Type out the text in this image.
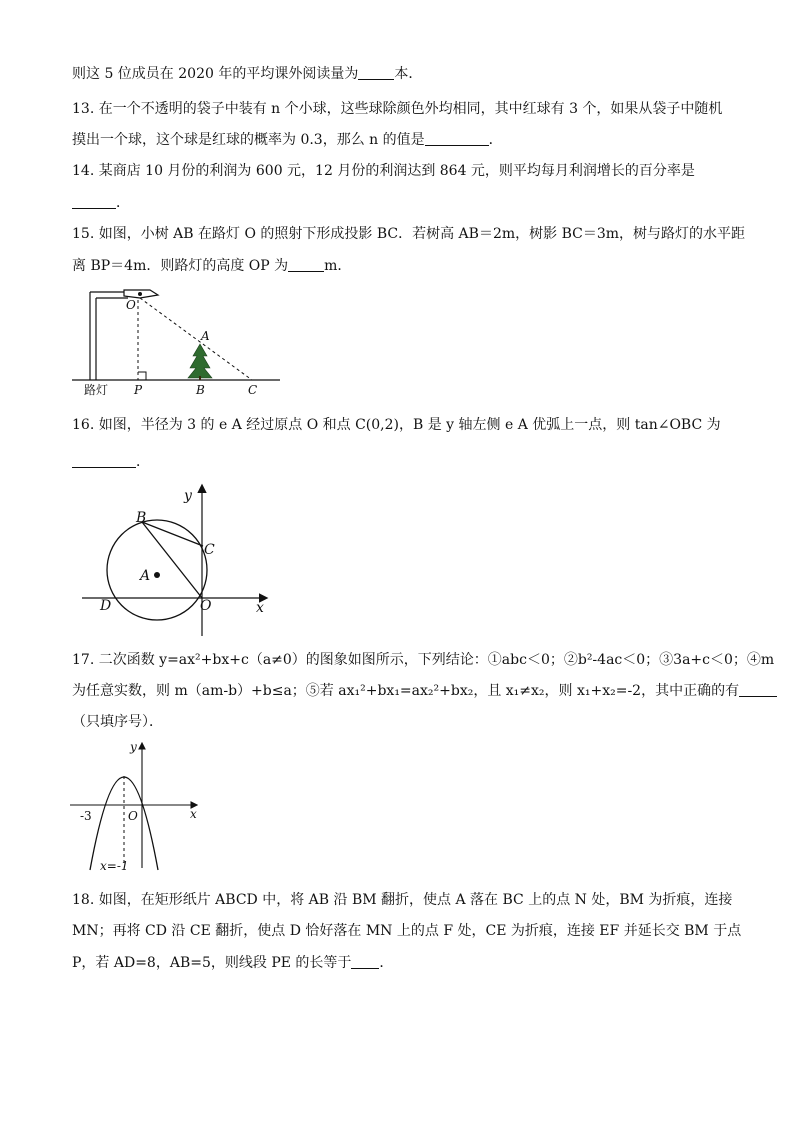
则这 5 位成员在 2020 年的平均课外阅读量为	本．
13. 在一个不透明的袋子中装有 n 个小球，这些球除颜色外均相同，其中红球有 3 个，如果从袋子中随机
摸出一个球，这个球是红球的概率为 0.3，那么 n 的值是	．
14. 某商店 10 月份的利润为 600 元，12 月份的利润达到 864 元，则平均每月利润增长的百分率是
．
15. 如图，小树 AB 在路灯 O 的照射下形成投影 BC．若树高 AB＝2m，树影 BC＝3m，树与路灯的水平距
离 BP＝4m．则路灯的高度 OP 为	m．
O
A
路灯 P	B	C
16. 如图，半径为 3 的 e A 经过原点 O 和点 C(0,2)，B 是 y 轴左侧 e A 优弧上一点，则 tan∠OBC 为
．
y
x
B
C
A
D	O
17. 二次函数 y=ax²+bx+c（a≠0）的图象如图所示，下列结论：①abc＜0；②b²-4ac＜0；③3a+c＜0；④m
为任意实数，则 m（am-b）+b≤a；⑤若 ax₁²+bx₁=ax₂²+bx₂，且 x₁≠x₂，则 x₁+x₂=-2，其中正确的有
（只填序号）．
y
x
-3	O
x=-1
18. 如图，在矩形纸片 ABCD 中，将 AB 沿 BM 翻折，使点 A 落在 BC 上的点 N 处，BM 为折痕，连接
MN；再将 CD 沿 CE 翻折，使点 D 恰好落在 MN 上的点 F 处，CE 为折痕，连接 EF 并延长交 BM 于点
P，若 AD=8，AB=5，则线段 PE 的长等于 ．
